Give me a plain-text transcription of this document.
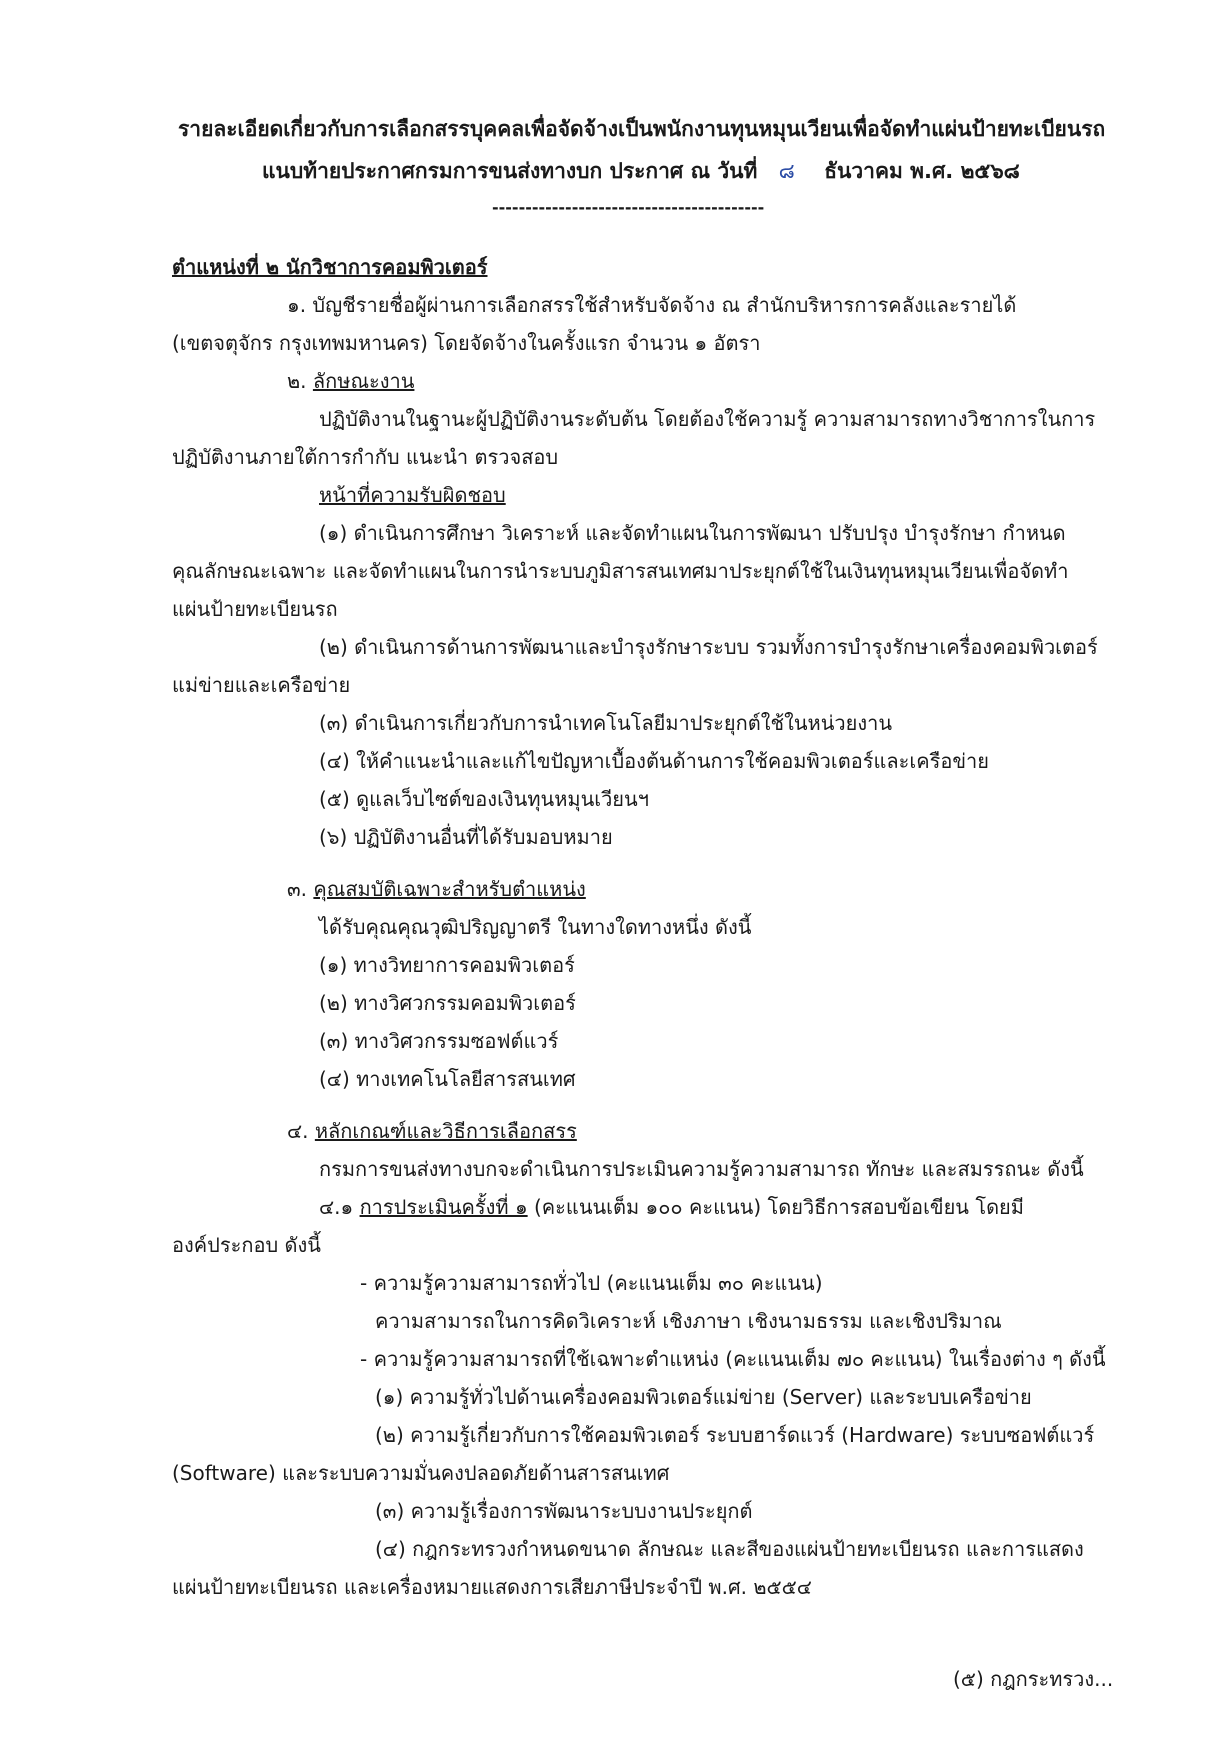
รายละเอียดเกี่ยวกับการเลือกสรรบุคคลเพื่อจัดจ้างเป็นพนักงานทุนหมุนเวียนเพื่อจัดทำแผ่นป้ายทะเบียนรถ

แนบท้ายประกาศกรมการขนส่งทางบก ประกาศ ณ วันที่ ๘ ธันวาคม พ.ศ. ๒๕๖๘

-----------------------------------------

ตำแหน่งที่ ๒ นักวิชาการคอมพิวเตอร์

๑. บัญชีรายชื่อผู้ผ่านการเลือกสรรใช้สำหรับจัดจ้าง ณ สำนักบริหารการคลังและรายได้

(เขตจตุจักร กรุงเทพมหานคร) โดยจัดจ้างในครั้งแรก จำนวน ๑ อัตรา

๒. ลักษณะงาน

ปฏิบัติงานในฐานะผู้ปฏิบัติงานระดับต้น โดยต้องใช้ความรู้ ความสามารถทางวิชาการในการ

ปฏิบัติงานภายใต้การกำกับ แนะนำ ตรวจสอบ

หน้าที่ความรับผิดชอบ

(๑) ดำเนินการศึกษา วิเคราะห์ และจัดทำแผนในการพัฒนา ปรับปรุง บำรุงรักษา กำหนด

คุณลักษณะเฉพาะ และจัดทำแผนในการนำระบบภูมิสารสนเทศมาประยุกต์ใช้ในเงินทุนหมุนเวียนเพื่อจัดทำ

แผ่นป้ายทะเบียนรถ

(๒) ดำเนินการด้านการพัฒนาและบำรุงรักษาระบบ รวมทั้งการบำรุงรักษาเครื่องคอมพิวเตอร์

แม่ข่ายและเครือข่าย

(๓) ดำเนินการเกี่ยวกับการนำเทคโนโลยีมาประยุกต์ใช้ในหน่วยงาน

(๔) ให้คำแนะนำและแก้ไขปัญหาเบื้องต้นด้านการใช้คอมพิวเตอร์และเครือข่าย

(๕) ดูแลเว็บไซต์ของเงินทุนหมุนเวียนฯ

(๖) ปฏิบัติงานอื่นที่ได้รับมอบหมาย

๓. คุณสมบัติเฉพาะสำหรับตำแหน่ง

ได้รับคุณคุณวุฒิปริญญาตรี ในทางใดทางหนึ่ง ดังนี้

(๑) ทางวิทยาการคอมพิวเตอร์

(๒) ทางวิศวกรรมคอมพิวเตอร์

(๓) ทางวิศวกรรมซอฟต์แวร์

(๔) ทางเทคโนโลยีสารสนเทศ

๔. หลักเกณฑ์และวิธีการเลือกสรร

กรมการขนส่งทางบกจะดำเนินการประเมินความรู้ความสามารถ ทักษะ และสมรรถนะ ดังนี้

๔.๑ การประเมินครั้งที่ ๑ (คะแนนเต็ม ๑๐๐ คะแนน) โดยวิธีการสอบข้อเขียน โดยมี

องค์ประกอบ ดังนี้

- ความรู้ความสามารถทั่วไป (คะแนนเต็ม ๓๐ คะแนน)

ความสามารถในการคิดวิเคราะห์ เชิงภาษา เชิงนามธรรม และเชิงปริมาณ

- ความรู้ความสามารถที่ใช้เฉพาะตำแหน่ง (คะแนนเต็ม ๗๐ คะแนน) ในเรื่องต่าง ๆ ดังนี้

(๑) ความรู้ทั่วไปด้านเครื่องคอมพิวเตอร์แม่ข่าย (Server) และระบบเครือข่าย

(๒) ความรู้เกี่ยวกับการใช้คอมพิวเตอร์ ระบบฮาร์ดแวร์ (Hardware) ระบบซอฟต์แวร์

(Software) และระบบความมั่นคงปลอดภัยด้านสารสนเทศ

(๓) ความรู้เรื่องการพัฒนาระบบงานประยุกต์

(๔) กฎกระทรวงกำหนดขนาด ลักษณะ และสีของแผ่นป้ายทะเบียนรถ และการแสดง

แผ่นป้ายทะเบียนรถ และเครื่องหมายแสดงการเสียภาษีประจำปี พ.ศ. ๒๕๕๔

(๕) กฎกระทรวง...
